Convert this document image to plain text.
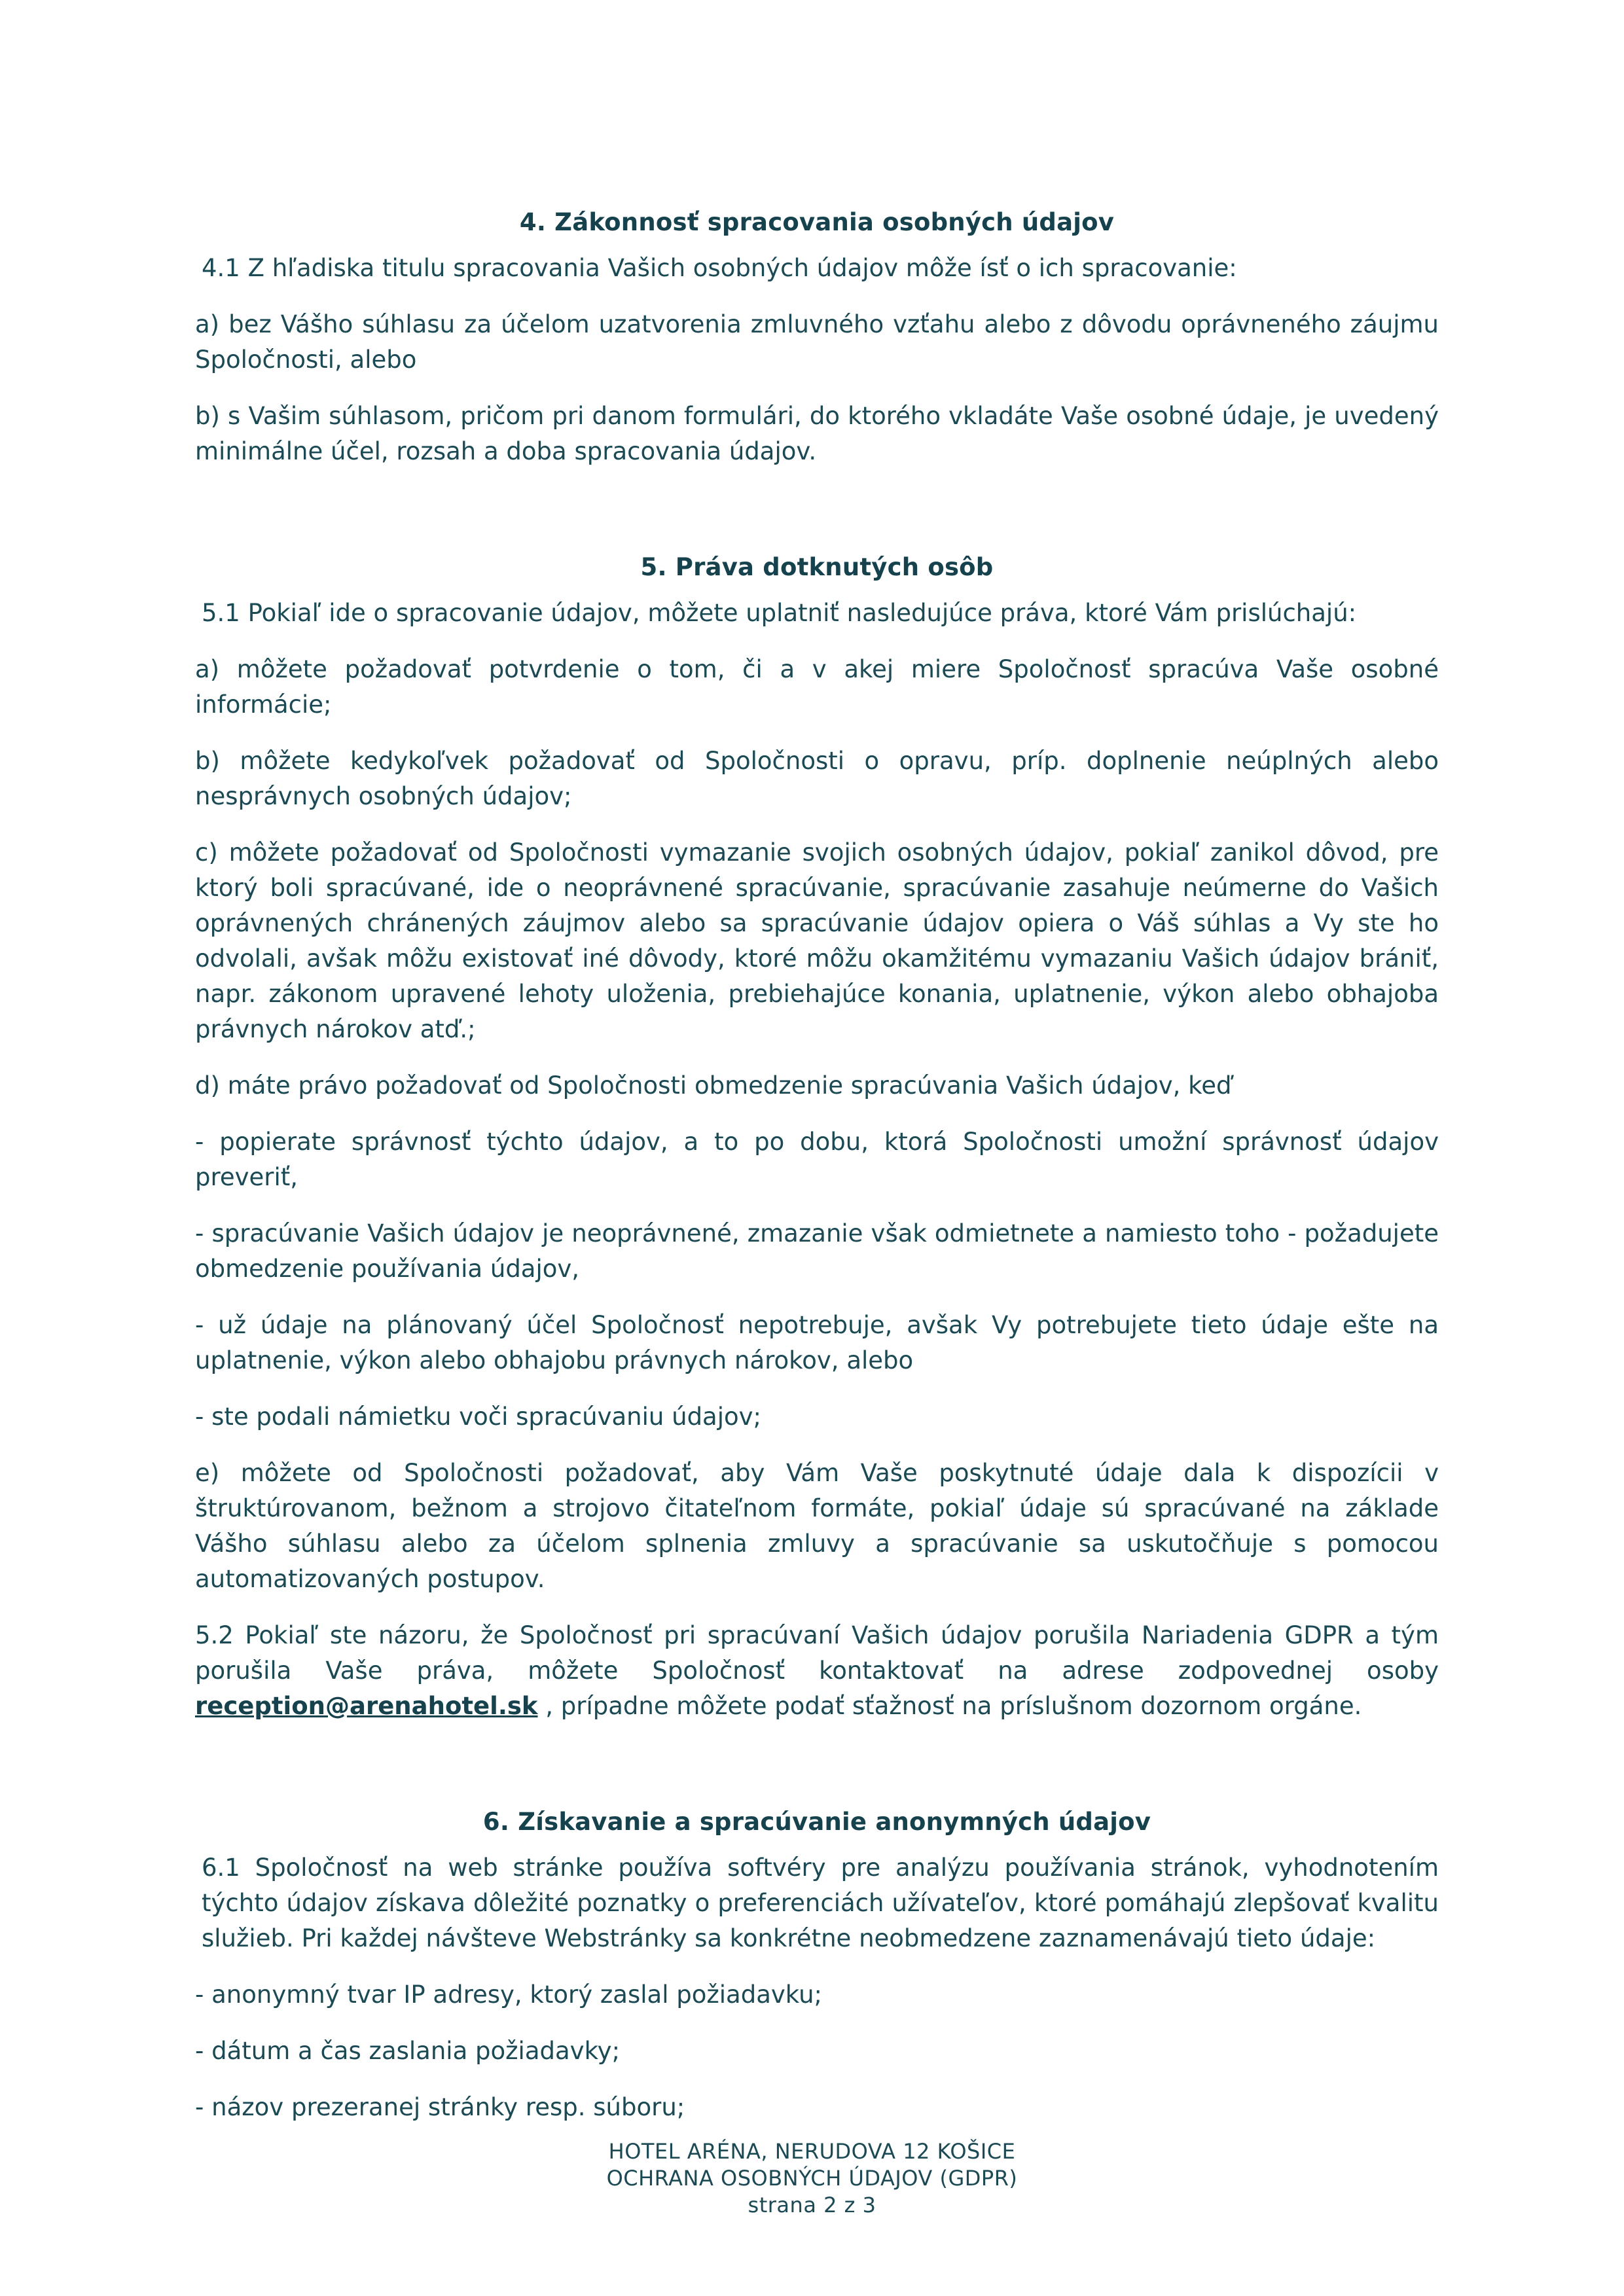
4. Zákonnosť spracovania osobných údajov

4.1 Z hľadiska titulu spracovania Vašich osobných údajov môže ísť o ich spracovanie:

a) bez Vášho súhlasu za účelom uzatvorenia zmluvného vzťahu alebo z dôvodu oprávneného záujmu Spoločnosti, alebo

b) s Vašim súhlasom, pričom pri danom formulári, do ktorého vkladáte Vaše osobné údaje, je uvedený minimálne účel, rozsah a doba spracovania údajov.

5. Práva dotknutých osôb

5.1 Pokiaľ ide o spracovanie údajov, môžete uplatniť nasledujúce práva, ktoré Vám prislúchajú:

a) môžete požadovať potvrdenie o tom, či a v akej miere Spoločnosť spracúva Vaše osobné informácie;

b) môžete kedykoľvek požadovať od Spoločnosti o opravu, príp. doplnenie neúplných alebo nesprávnych osobných údajov;

c) môžete požadovať od Spoločnosti vymazanie svojich osobných údajov, pokiaľ zanikol dôvod, pre ktorý boli spracúvané, ide o neoprávnené spracúvanie, spracúvanie zasahuje neúmerne do Vašich oprávnených chránených záujmov alebo sa spracúvanie údajov opiera o Váš súhlas a Vy ste ho odvolali, avšak môžu existovať iné dôvody, ktoré môžu okamžitému vymazaniu Vašich údajov brániť, napr. zákonom upravené lehoty uloženia, prebiehajúce konania, uplatnenie, výkon alebo obhajoba právnych nárokov atď.;

d) máte právo požadovať od Spoločnosti obmedzenie spracúvania Vašich údajov, keď

- popierate správnosť týchto údajov, a to po dobu, ktorá Spoločnosti umožní správnosť údajov preveriť,

- spracúvanie Vašich údajov je neoprávnené, zmazanie však odmietnete a namiesto toho - požadujete obmedzenie používania údajov,

- už údaje na plánovaný účel Spoločnosť nepotrebuje, avšak Vy potrebujete tieto údaje ešte na uplatnenie, výkon alebo obhajobu právnych nárokov, alebo

- ste podali námietku voči spracúvaniu údajov;

e) môžete od Spoločnosti požadovať, aby Vám Vaše poskytnuté údaje dala k dispozícii v štruktúrovanom, bežnom a strojovo čitateľnom formáte, pokiaľ údaje sú spracúvané na základe Vášho súhlasu alebo za účelom splnenia zmluvy a spracúvanie sa uskutočňuje s pomocou automatizovaných postupov.

5.2 Pokiaľ ste názoru, že Spoločnosť pri spracúvaní Vašich údajov porušila Nariadenia GDPR a tým porušila Vaše práva, môžete Spoločnosť kontaktovať na adrese zodpovednej osoby reception@arenahotel.sk , prípadne môžete podať sťažnosť na príslušnom dozornom orgáne.

6. Získavanie a spracúvanie anonymných údajov

6.1 Spoločnosť na web stránke používa softvéry pre analýzu používania stránok, vyhodnotením týchto údajov získava dôležité poznatky o preferenciách užívateľov, ktoré pomáhajú zlepšovať kvalitu služieb. Pri každej návšteve Webstránky sa konkrétne neobmedzene zaznamenávajú tieto údaje:

- anonymný tvar IP adresy, ktorý zaslal požiadavku;

- dátum a čas zaslania požiadavky;

- názov prezeranej stránky resp. súboru;

HOTEL ARÉNA, NERUDOVA 12 KOŠICE
OCHRANA OSOBNÝCH ÚDAJOV (GDPR)
strana 2 z 3
